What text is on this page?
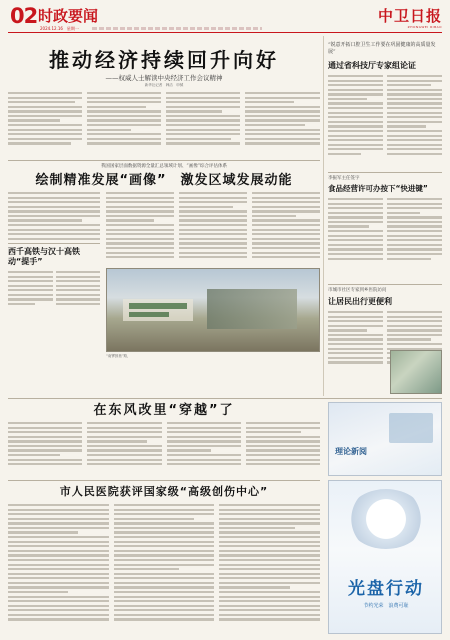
02 时政要闻
2024.12.16　星期一
中卫日报
ZHONGWEI RIBAO
推动经济持续回升向好
——权威人士解读中央经济工作会议精神
新华社记者　韩洁　申铖
“锐意开拓口腔卫生工作要在巩固健康的高质量发展”
通过省科技厅专家组论证
李振军主任签字
食品经营许可办按下“快进键”
市城市社区专家到乡医院访问
让居民出行更便利
我国国家层面数据资源全量汇总领域计划、“画像”综合评估体系
绘制精准发展“画像”　激发区域发展动能
西千高铁与汉十高铁动“提手”
“南锣鼓巷”路，
在东风改里“穿越”了
理论新阅
市人民医院获评国家级“高级创伤中心”
光盘行动
节约光荣　浪费可耻
